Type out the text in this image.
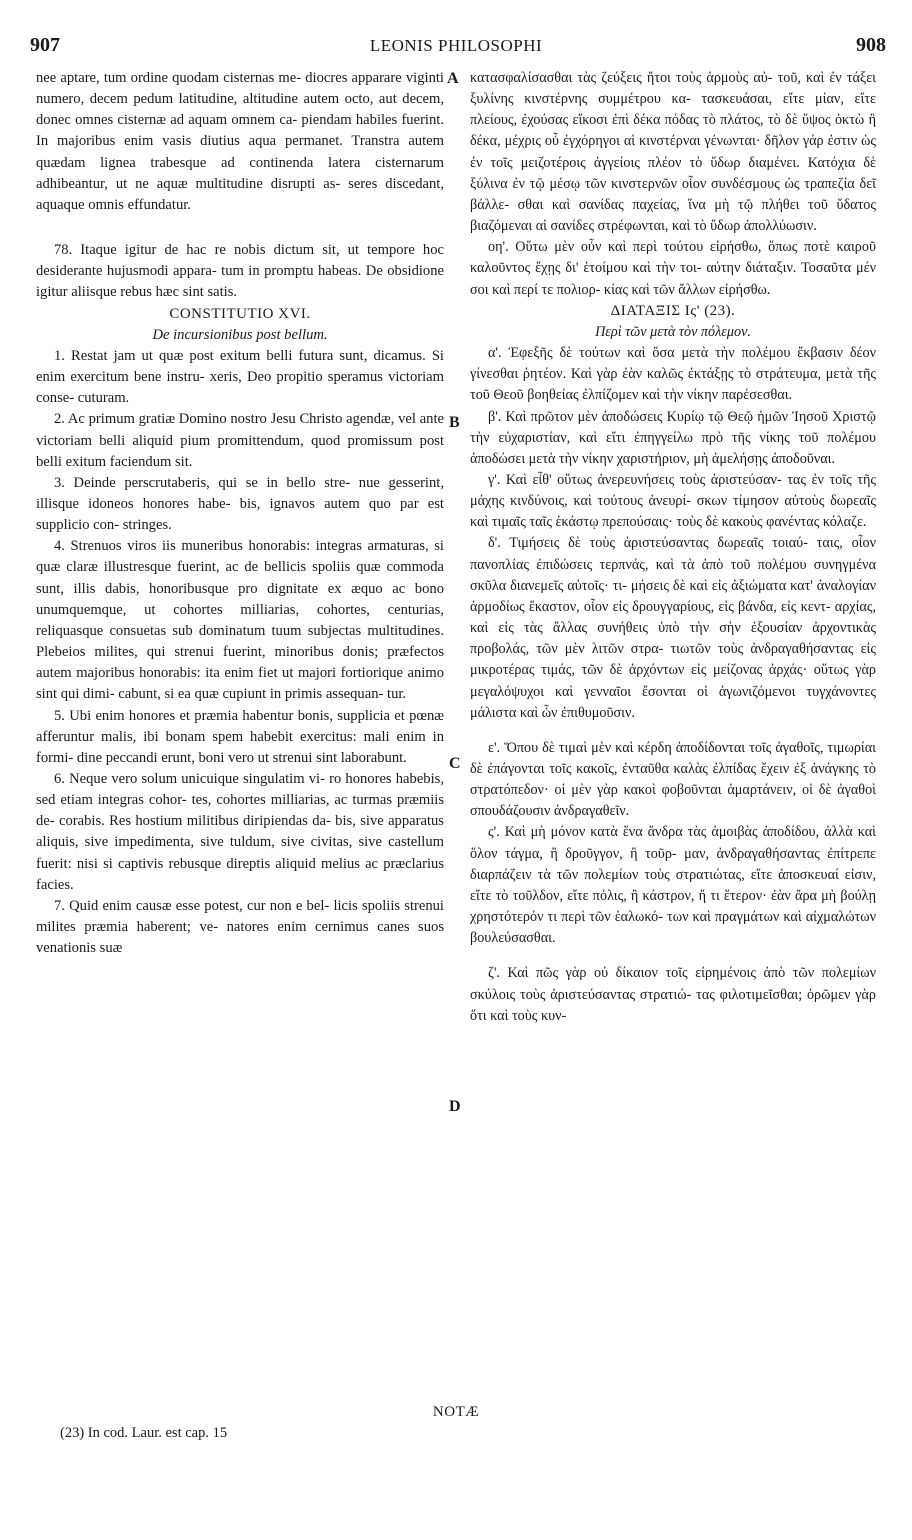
907	LEONIS PHILOSOPHI	908

nee aptare, tum ordine quodam cisternas me- diocres apparare viginti numero, decem pedum latitudine, altitudine autem octo, aut decem, donec omnes cisternæ ad aquam omnem ca- piendam habiles fuerint. In majoribus enim vasis diutius aqua permanet. Transtra autem quædam lignea trabesque ad continenda latera cisternarum adhibeantur, ut ne aquæ multitudine disrupti as- seres discedant, aquaque omnis effundatur.

78. Itaque igitur de hac re nobis dictum sit, ut tempore hoc desiderante hujusmodi appara- tum in promptu habeas. De obsidione igitur aliisque rebus hæc sint satis.

CONSTITUTIO XVI.
De incursionibus post bellum.

1. Restat jam ut quæ post exitum belli futura sunt, dicamus. Si enim exercitum bene instru- xeris, Deo propitio speramus victoriam conse- cuturam.

2. Ac primum gratiæ Domino nostro Jesu Christo agendæ, vel ante victoriam belli aliquid pium promittendum, quod promissum post belli exitum faciendum sit.

3. Deinde perscrutaberis, qui se in bello stre- nue gesserint, illisque idoneos honores habe- bis, ignavos autem quo par est supplicio con- stringes.

4. Strenuos viros iis muneribus honorabis: integras armaturas, si quæ claræ illustresque fuerint, ac de bellicis spoliis quæ commoda sunt, illis dabis, honoribusque pro dignitate ex æquo ac bono unumquemque, ut cohortes milliarias, cohortes, centurias, reliquasque consuetas sub dominatum tuum subjectas multitudines. Plebeios milites, qui strenui fuerint, minoribus donis; præfectos autem majoribus honorabis: ita enim fiet ut majori fortiorique animo sint qui dimi- cabunt, si ea quæ cupiunt in primis assequan- tur.

5. Ubi enim honores et præmia habentur bonis, supplicia et pœnæ afferuntur malis, ibi bonam spem habebit exercitus: mali enim in formi- dine peccandi erunt, boni vero ut strenui sint laborabunt.

6. Neque vero solum unicuique singulatim vi- ro honores habebis, sed etiam integras cohor- tes, cohortes milliarias, ac turmas præmiis de- corabis. Res hostium militibus diripiendas da- bis, sive apparatus aliquis, sive impedimenta, sive tuldum, sive civitas, sive castellum fuerit: nisi si captivis rebusque direptis aliquid melius ac præclarius facies.

7. Quid enim causæ esse potest, cur non e bel- licis spoliis strenui milites præmia haberent; ve- natores enim cernimus canes suos venationis suæ

A
B
C
D

κατασφαλίσασθαι τὰς ζεύξεις ἤτοι τοὺς ἁρμοὺς αὐ- τοῦ, καὶ ἐν τάξει ξυλίνης κινστέρνης συμμέτρου κα- τασκευάσαι, εἴτε μίαν, εἴτε πλείους, ἐχούσας εἴκοσι ἐπὶ δέκα πόδας τὸ πλάτος, τὸ δὲ ὕψος ὀκτὼ ἢ δέκα, μέχρις οὗ ἐγχόρηγοι αἱ κινστέρναι γένωνται· δῆλον γάρ ἐστιν ὡς ἐν τοῖς μειζοτέροις ἀγγείοις πλέον τὸ ὕδωρ διαμένει. Κατόχια δὲ ξύλινα ἐν τῷ μέσῳ τῶν κινστερνῶν οἷον συνδέσμους ὡς τραπεζία δεῖ βάλλε- σθαι καὶ σανίδας παχείας, ἵνα μὴ τῷ πλήθει τοῦ ὕδατος βιαζόμεναι αἱ σανίδες στρέφωνται, καὶ τὸ ὕδωρ ἀπολλύωσιν.

οη'. Οὕτω μὲν οὖν καὶ περὶ τούτου εἰρήσθω, ὅπως ποτὲ καιροῦ καλοῦντος ἔχῃς δι' ἑτοίμου καὶ τὴν τοι- αύτην διάταξιν. Τοσαῦτα μέν σοι καὶ περί τε πολιορ- κίας καὶ τῶν ἄλλων εἰρήσθω.

ΔΙΑΤΑΞΙΣ Ις' (23).
Περὶ τῶν μετὰ τὸν πόλεμον.

α'. Ἐφεξῆς δὲ τούτων καὶ ὅσα μετὰ τὴν πολέμου ἔκβασιν δέον γίνεσθαι ῥητέον. Καὶ γὰρ ἐὰν καλῶς ἐκτάξῃς τὸ στράτευμα, μετὰ τῆς τοῦ Θεοῦ βοηθείας ἐλπίζομεν καὶ τὴν νίκην παρέσεσθαι.

β'. Καὶ πρῶτον μὲν ἀποδώσεις Κυρίῳ τῷ Θεῷ ἡμῶν Ἰησοῦ Χριστῷ τὴν εὐχαριστίαν, καὶ εἴτι ἐπηγγείλω πρὸ τῆς νίκης τοῦ πολέμου ἀποδώσει μετὰ τὴν νίκην χαριστήριον, μὴ ἀμελήσῃς ἀποδοῦναι.

γ'. Καὶ εἶθ' οὕτως ἀνερευνήσεις τοὺς ἀριστεύσαν- τας ἐν τοῖς τῆς μάχης κινδύνοις, καὶ τούτους ἀνευρί- σκων τίμησον αὐτοὺς δωρεαῖς καὶ τιμαῖς ταῖς ἑκάστῳ πρεπούσαις· τοὺς δὲ κακοὺς φανέντας κόλαζε.

δ'. Τιμήσεις δὲ τοὺς ἀριστεύσαντας δωρεαῖς τοιαύ- ταις, οἷον πανοπλίας ἐπιδώσεις τερπνάς, καὶ τὰ ἀπὸ τοῦ πολέμου συνηγμένα σκῦλα διανεμεῖς αὐτοῖς· τι- μήσεις δὲ καὶ εἰς ἀξιώματα κατ' ἀναλογίαν ἁρμοδίως ἕκαστον, οἷον εἰς δρουγγαρίους, εἰς βάνδα, εἰς κεντ- αρχίας, καὶ εἰς τὰς ἄλλας συνήθεις ὑπὸ τὴν σὴν ἐξουσίαν ἀρχοντικὰς προβολάς, τῶν μὲν λιτῶν στρα- τιωτῶν τοὺς ἀνδραγαθήσαντας εἰς μικροτέρας τιμάς, τῶν δὲ ἀρχόντων εἰς μείζονας ἀρχάς· οὕτως γὰρ μεγαλόψυχοι καὶ γενναῖοι ἔσονται οἱ ἀγωνιζόμενοι τυγχάνοντες μάλιστα καὶ ὧν ἐπιθυμοῦσιν.

ε'. Ὅπου δὲ τιμαὶ μὲν καὶ κέρδη ἀποδίδονται τοῖς ἀγαθοῖς, τιμωρίαι δὲ ἐπάγονται τοῖς κακοῖς, ἐνταῦθα καλὰς ἐλπίδας ἔχειν ἐξ ἀνάγκης τὸ στρατόπεδον· οἱ μὲν γὰρ κακοὶ φοβοῦνται ἁμαρτάνειν, οἱ δὲ ἀγαθοὶ σπουδάζουσιν ἀνδραγαθεῖν.

ς'. Καὶ μὴ μόνον κατὰ ἕνα ἄνδρα τὰς ἀμοιβὰς ἀποδίδου, ἀλλὰ καὶ ὅλον τάγμα, ἢ δροῦγγον, ἢ τοῦρ- μαν, ἀνδραγαθήσαντας ἐπίτρεπε διαρπάζειν τὰ τῶν πολεμίων τοὺς στρατιώτας, εἴτε ἀποσκευαί εἰσιν, εἴτε τὸ τοῦλδον, εἴτε πόλις, ἢ κάστρον, ἤ τι ἕτερον· ἐὰν ἄρα μὴ βούλῃ χρηστότερόν τι περὶ τῶν ἑαλωκό- των καὶ πραγμάτων καὶ αἰχμαλώτων βουλεύσασθαι.

ζ'. Καὶ πῶς γὰρ οὐ δίκαιον τοῖς εἰρημένοις ἀπὸ τῶν πολεμίων σκύλοις τοὺς ἀριστεύσαντας στρατιώ- τας φιλοτιμεῖσθαι; ὁρῶμεν γὰρ ὅτι καὶ τοὺς κυν-

NOTÆ
(23) In cod. Laur. est cap. 15
